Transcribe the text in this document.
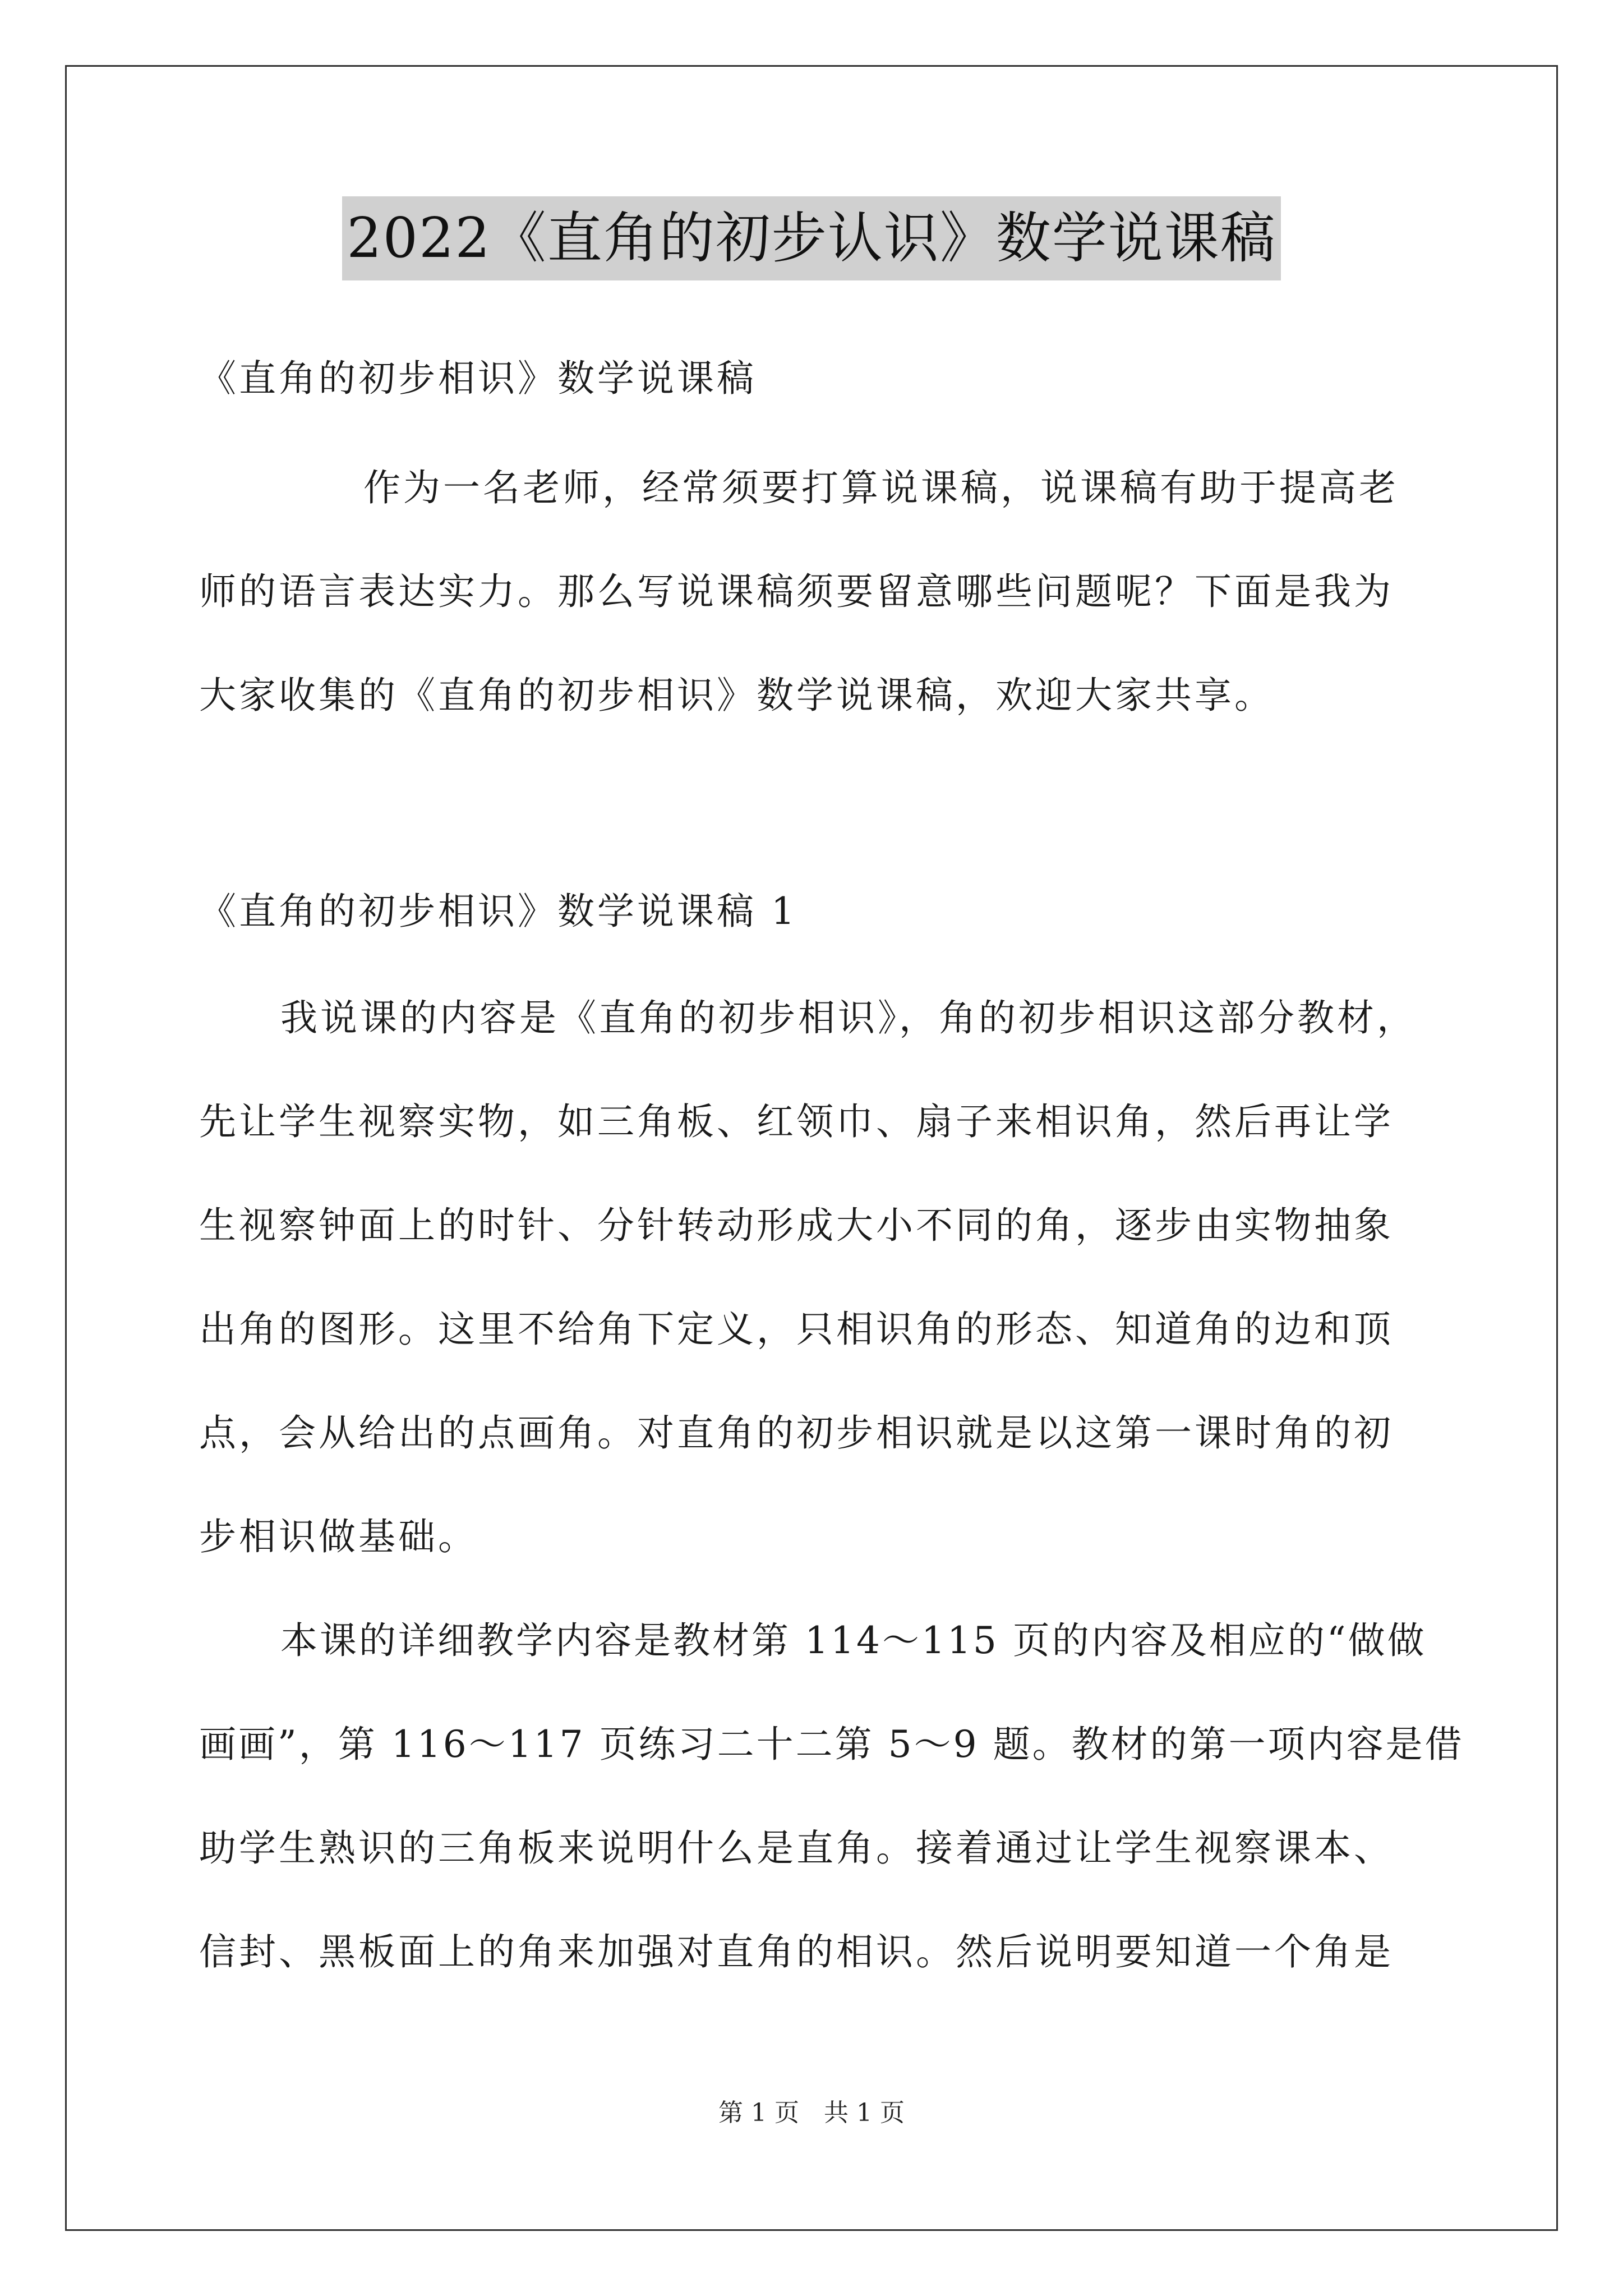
2022《直角的初步认识》数学说课稿
《直角的初步相识》数学说课稿
作为一名老师，经常须要打算说课稿，说课稿有助于提高老
师的语言表达实力。那么写说课稿须要留意哪些问题呢？下面是我为
大家收集的《直角的初步相识》数学说课稿，欢迎大家共享。
《直角的初步相识》数学说课稿 1
我说课的内容是《直角的初步相识》，角的初步相识这部分教材，
先让学生视察实物，如三角板、红领巾、扇子来相识角，然后再让学
生视察钟面上的时针、分针转动形成大小不同的角，逐步由实物抽象
出角的图形。这里不给角下定义，只相识角的形态、知道角的边和顶
点，会从给出的点画角。对直角的初步相识就是以这第一课时角的初
步相识做基础。
本课的详细教学内容是教材第 114～115 页的内容及相应的“做做
画画”，第 116～117 页练习二十二第 5～9 题。教材的第一项内容是借
助学生熟识的三角板来说明什么是直角。接着通过让学生视察课本、
信封、黑板面上的角来加强对直角的相识。然后说明要知道一个角是
第 1 页 共 1 页
